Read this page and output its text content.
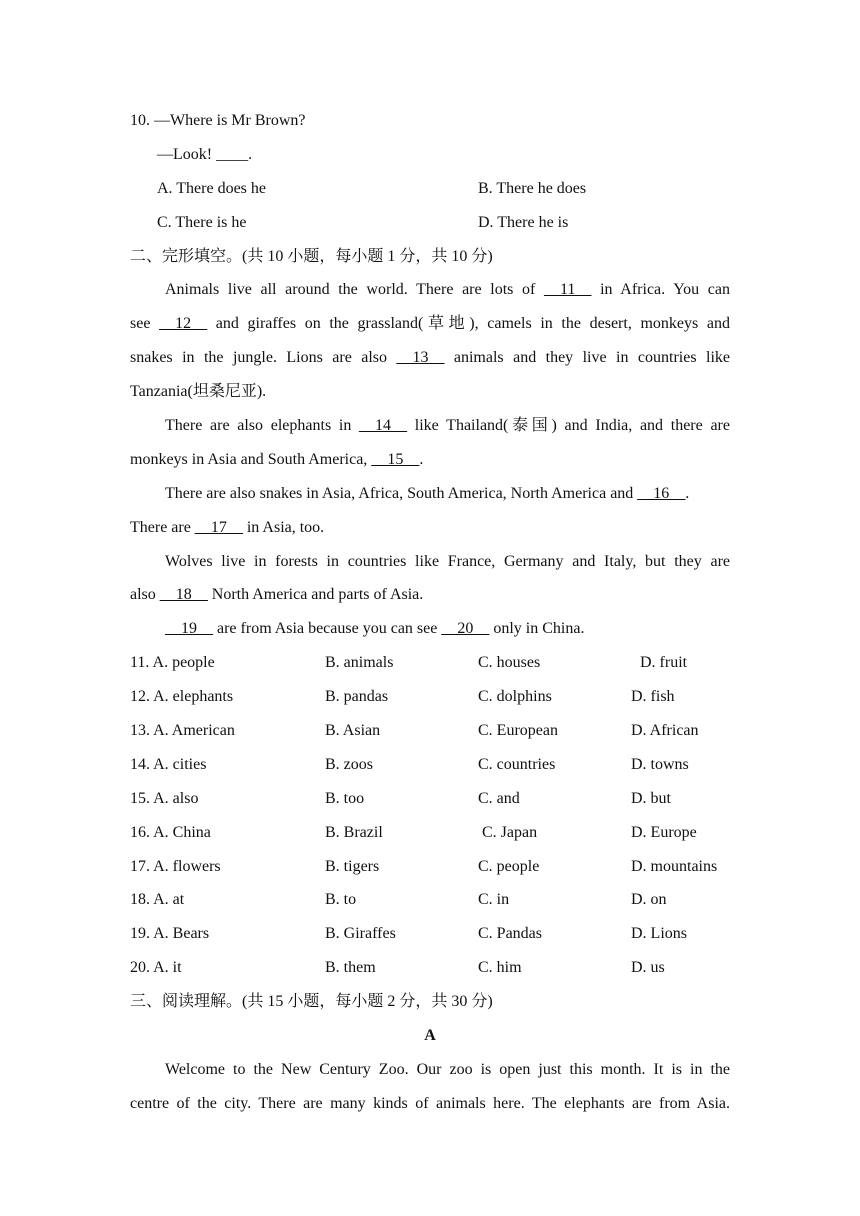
10. —Where is Mr Brown?
—Look! ____.
A. There does he	B. There he does
C. There is he	D. There he is
二、完形填空。(共 10 小题，每小题 1 分，共 10 分)
Animals live all around the world. There are lots of __11__ in Africa. You can
see __12__ and giraffes on the grassland(草地), camels in the desert, monkeys and
snakes in the jungle. Lions are also __13__ animals and they live in countries like
Tanzania(坦桑尼亚).
There are also elephants in __14__ like Thailand(泰国) and India, and there are
monkeys in Asia and South America, __15__.
There are also snakes in Asia, Africa, South America, North America and __16__.
There are __17__ in Asia, too.
Wolves live in forests in countries like France, Germany and Italy, but they are
also __18__ North America and parts of Asia.
__19__ are from Asia because you can see __20__ only in China.
11. A. people	B. animals	C. houses	D. fruit
12. A. elephants	B. pandas	C. dolphins	D. fish
13. A. American	B. Asian	C. European	D. African
14. A. cities	B. zoos	C. countries	D. towns
15. A. also	B. too	C. and	D. but
16. A. China	B. Brazil	C. Japan	D. Europe
17. A. flowers	B. tigers	C. people	D. mountains
18. A. at	B. to	C. in	D. on
19. A. Bears	B. Giraffes	C. Pandas	D. Lions
20. A. it	B. them	C. him	D. us
三、阅读理解。(共 15 小题，每小题 2 分，共 30 分)
A
Welcome to the New Century Zoo. Our zoo is open just this month. It is in the
centre of the city. There are many kinds of animals here. The elephants are from Asia.
